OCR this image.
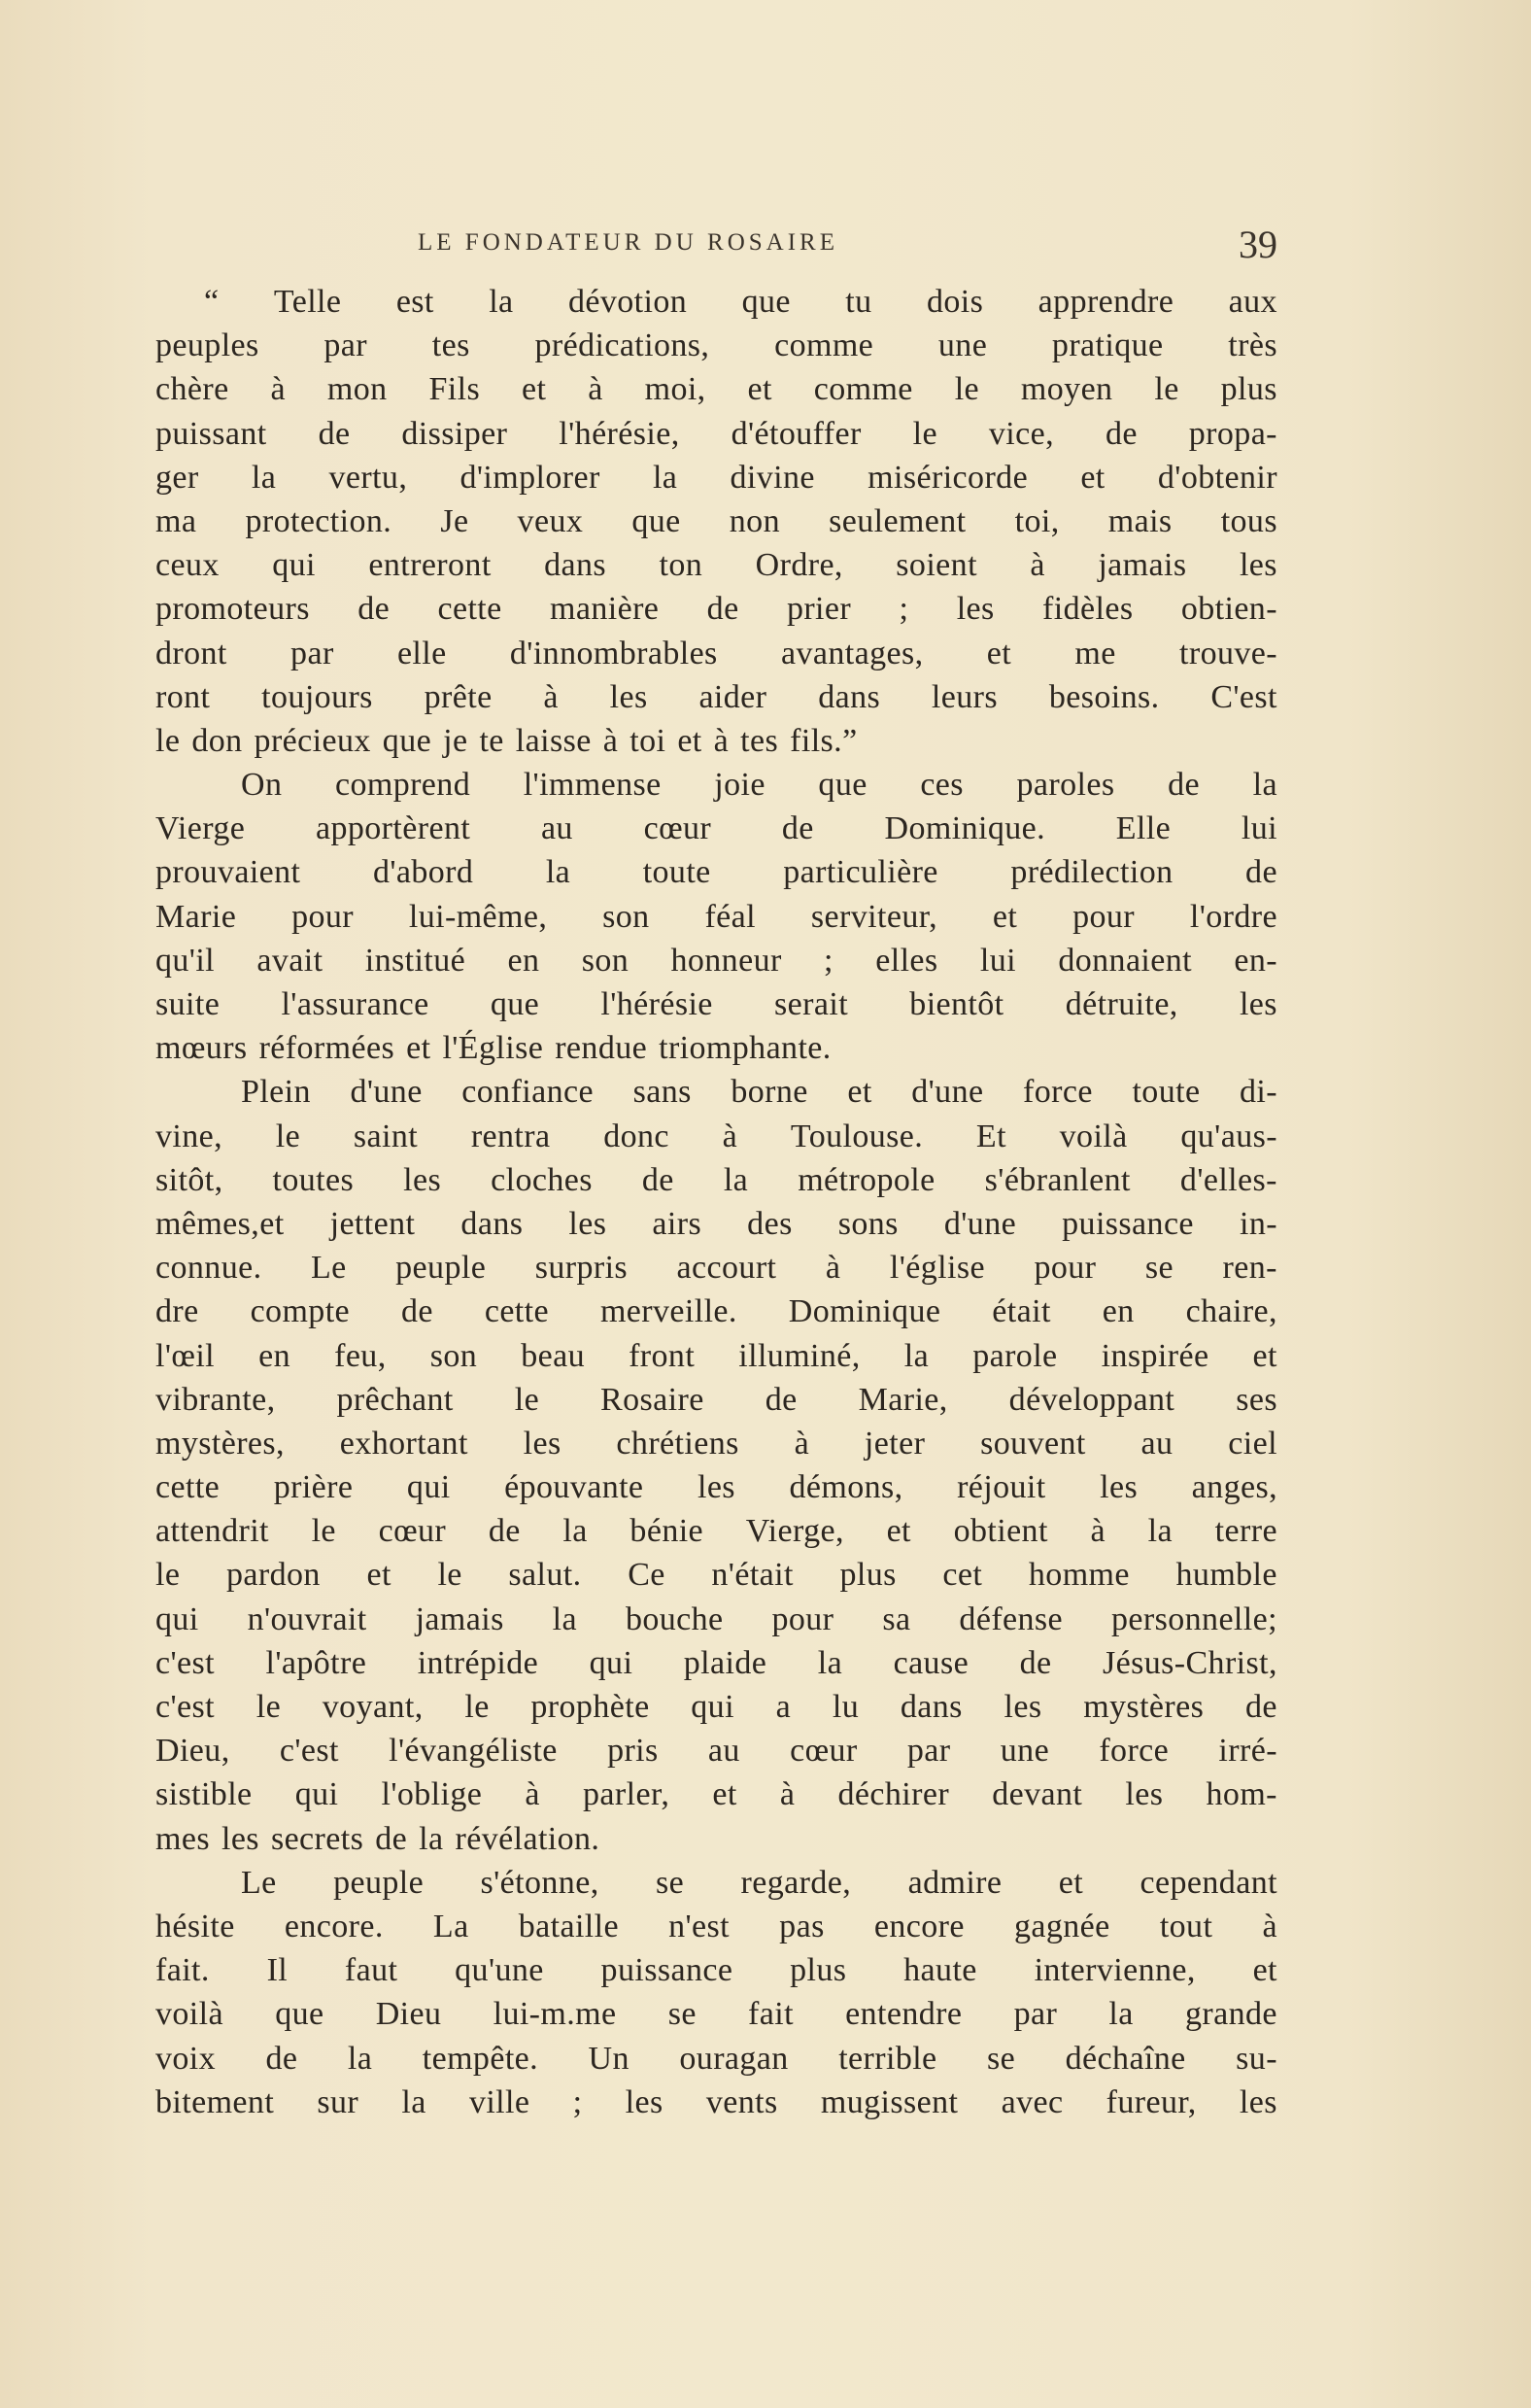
LE FONDATEUR DU ROSAIRE	39
“ Telle est la dévotion que tu dois apprendre aux
peuples par tes prédications, comme une pratique très
chère à mon Fils et à moi, et comme le moyen le plus
puissant de dissiper l'hérésie, d'étouffer le vice, de propa-
ger la vertu, d'implorer la divine miséricorde et d'obtenir
ma protection. Je veux que non seulement toi, mais tous
ceux qui entreront dans ton Ordre, soient à jamais les
promoteurs de cette manière de prier ; les fidèles obtien-
dront par elle d'innombrables avantages, et me trouve-
ront toujours prête à les aider dans leurs besoins. C'est
le don précieux que je te laisse à toi et à tes fils.”
On comprend l'immense joie que ces paroles de la
Vierge apportèrent au cœur de Dominique. Elle lui
prouvaient d'abord la toute particulière prédilection de
Marie pour lui-même, son féal serviteur, et pour l'ordre
qu'il avait institué en son honneur ; elles lui donnaient en-
suite l'assurance que l'hérésie serait bientôt détruite, les
mœurs réformées et l'Église rendue triomphante.
Plein d'une confiance sans borne et d'une force toute di-
vine, le saint rentra donc à Toulouse. Et voilà qu'aus-
sitôt, toutes les cloches de la métropole s'ébranlent d'elles-
mêmes,et jettent dans les airs des sons d'une puissance in-
connue. Le peuple surpris accourt à l'église pour se ren-
dre compte de cette merveille. Dominique était en chaire,
l'œil en feu, son beau front illuminé, la parole inspirée et
vibrante, prêchant le Rosaire de Marie, développant ses
mystères, exhortant les chrétiens à jeter souvent au ciel
cette prière qui épouvante les démons, réjouit les anges,
attendrit le cœur de la bénie Vierge, et obtient à la terre
le pardon et le salut. Ce n'était plus cet homme humble
qui n'ouvrait jamais la bouche pour sa défense personnelle;
c'est l'apôtre intrépide qui plaide la cause de Jésus-Christ,
c'est le voyant, le prophète qui a lu dans les mystères de
Dieu, c'est l'évangéliste pris au cœur par une force irré-
sistible qui l'oblige à parler, et à déchirer devant les hom-
mes les secrets de la révélation.
Le peuple s'étonne, se regarde, admire et cependant
hésite encore. La bataille n'est pas encore gagnée tout à
fait. Il faut qu'une puissance plus haute intervienne, et
voilà que Dieu lui-m.me se fait entendre par la grande
voix de la tempête. Un ouragan terrible se déchaîne su-
bitement sur la ville ; les vents mugissent avec fureur, les
